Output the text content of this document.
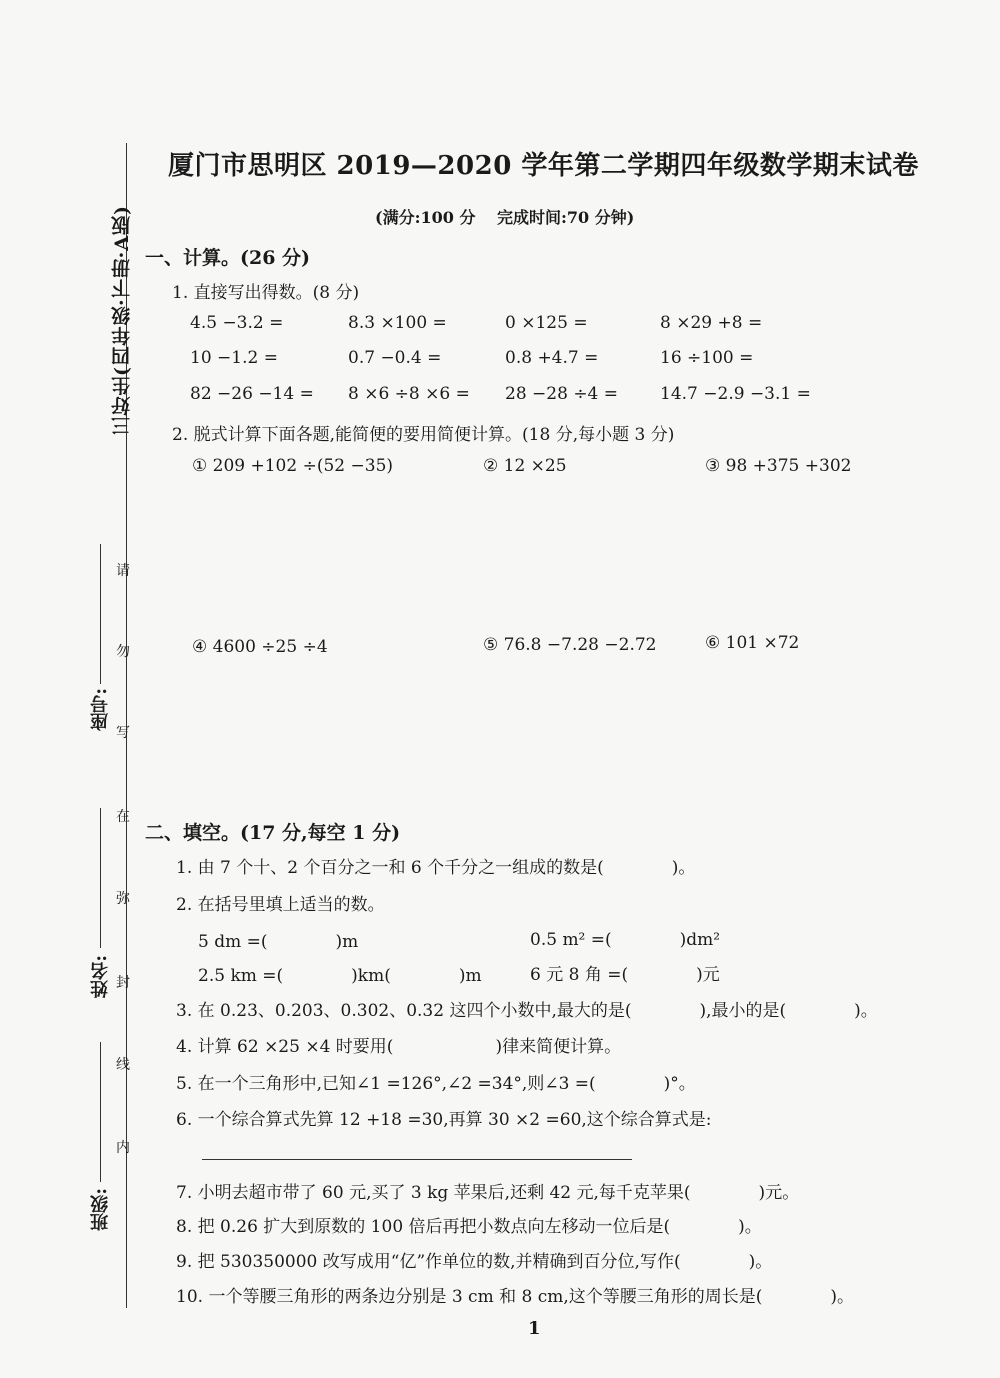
三好生(四年级·下册·A版)
座号:
姓名:
班级:
请
勿
写
在
弥
封
线
内
厦门市思明区 2019—2020 学年第二学期四年级数学期末试卷
(满分:100 分　 完成时间:70 分钟)
一、计算。(26 分)
1. 直接写出得数。(8 分)
4.5 −3.2 =	8.3 ×100 =	0 ×125 =	8 ×29 +8 =
10 −1.2 =	0.7 −0.4 =	0.8 +4.7 =	16 ÷100 =
82 −26 −14 = 8 ×6 ÷8 ×6 = 28 −28 ÷4 = 14.7 −2.9 −3.1 =
2. 脱式计算下面各题,能简便的要用简便计算。(18 分,每小题 3 分)
① 209 +102 ÷(52 −35)	② 12 ×25	③ 98 +375 +302
④ 4600 ÷25 ÷4	⑤ 76.8 −7.28 −2.72	⑥ 101 ×72
二、填空。(17 分,每空 1 分)
1. 由 7 个十、2 个百分之一和 6 个千分之一组成的数是(　　　　)。
2. 在括号里填上适当的数。
5 dm =(　　　　)m	0.5 m² =(　　　　)dm²
2.5 km =(　　　　)km(　　　　)m	6 元 8 角 =(　　　　)元
3. 在 0.23、0.203、0.302、0.32 这四个小数中,最大的是(　　　　),最小的是(　　　　)。
4. 计算 62 ×25 ×4 时要用(　　　　　　)律来简便计算。
5. 在一个三角形中,已知∠1 =126°,∠2 =34°,则∠3 =(　　　　)°。
6. 一个综合算式先算 12 +18 =30,再算 30 ×2 =60,这个综合算式是:
7. 小明去超市带了 60 元,买了 3 kg 苹果后,还剩 42 元,每千克苹果(　　　　)元。
8. 把 0.26 扩大到原数的 100 倍后再把小数点向左移动一位后是(　　　　)。
9. 把 530350000 改写成用“亿”作单位的数,并精确到百分位,写作(　　　　)。
10. 一个等腰三角形的两条边分别是 3 cm 和 8 cm,这个等腰三角形的周长是(　　　　)。
1
